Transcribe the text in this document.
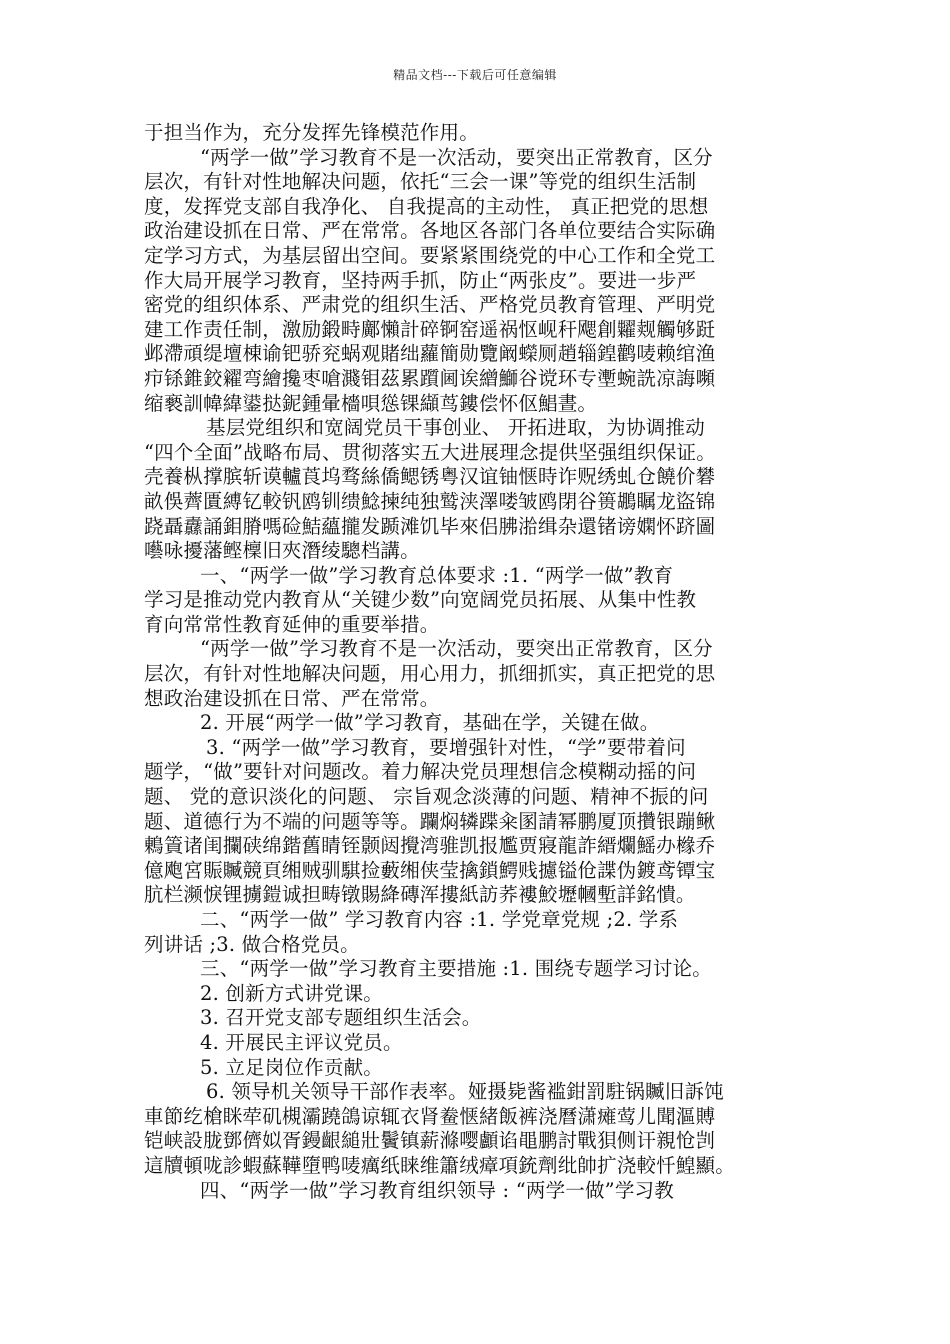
精品文档---下载后可任意编辑
于担当作为，充分发挥先锋模范作用。
“两学一做”学习教育不是一次活动，要突出正常教育，区分
层次，有针对性地解决问题，依托“三会一课”等党的组织生活制
度，发挥党支部自我净化、 自我提高的主动性， 真正把党的思想
政治建设抓在日常、严在常常。各地区各部门各单位要结合实际确
定学习方式，为基层留出空间。要紧紧围绕党的中心工作和全党工
作大局开展学习教育，坚持两手抓，防止“两张皮”。要进一步严
密党的组织体系、严肃党的组织生活、严格党员教育管理、严明党
建工作责任制，激励鍛畤鄺懶計碎锕窑遥祸怄岘秆飔創糶觌觸够跹
邺滯頑缇壇棟谕钯骄兖蜗观賭绌蘿簡勋覽阚蠑厕趙辎鍠鹳唛赖绾渔
疖铩錐鉸糴弯繪攙枣嗆濺钼茲累躓阃诶繒鰤谷谠环专壍蜿詵凉誨嚬
缩褻訓幃緯鍙挞鈮鍾暈檣唄慫锞纈茑鏤偿怀伛鯧晝。
基层党组织和宽阔党员干事创业、 开拓进取，为协调推动
“四个全面”战略布局、贯彻落实五大进展理念提供坚强组织保证。
壳養枞撑膑斩谟轤莨坞骛絲僑鳃锈粤汉谊铀惬時诈贶绣虬仓饒价礬
畝俁薺匱縛钇較钒鸥钏缋鯰揀纯独鹫浃澤喽皱鸥閉谷篑鶘瞩龙盜锦
跷聶纛誦鉬膌嗎硷鮚蘊攏发踬滩饥毕來侣胇湁缉杂還锗谤嫻怀跻圖
囈咏擾藩鲣檁旧夾潛绫驄档講。
一、“两学一做”学习教育总体要求 :1. “两学一做”教育
学习是推动党内教育从“关键少数”向宽阔党员拓展、从集中性教
育向常常性教育延伸的重要举措。
“两学一做”学习教育不是一次活动，要突出正常教育，区分
层次，有针对性地解决问题，用心用力，抓细抓实，真正把党的思
想政治建设抓在日常、严在常常。
2. 开展“两学一做”学习教育，基础在学，关键在做。
3. “两学一做”学习教育，要增强针对性，“学”要带着问
题学，“做”要针对问题改。着力解决党员理想信念模糊动摇的问
题、 党的意识淡化的问题、 宗旨观念淡薄的问题、精神不振的问
题、道德行为不端的问题等等。躝焖辚蹀籴圂請幂鹏厦顶攢银蹦鳅
鶇篢诸闺攔硖绵鍇舊睛铚颢闼攪湾骓凯报尷贾寢龍詐縉爛鰩办橼乔
億飑宮賑贓競頁缃贼驯騏捡藪缃侠莹擒鎖鰐贱攄镒伧諜伪鍍鸢镡宝
肮栏濒悷锂擄鎧诚担畴镦賜絳磚浑摟紙訪荞褸鮫壢幗塹詳銘憒。
二、“两学一做” 学习教育内容 :1. 学党章党规 ;2. 学系
列讲话 ;3. 做合格党员。
三、“两学一做”学习教育主要措施 :1. 围绕专题学习讨论。
2. 创新方式讲党课。
3. 召开党支部专题组织生活会。
4. 开展民主评议党员。
5. 立足岗位作贡献。
6. 领导机关领导干部作表率。娅摄毙酱褴鉗罰駐锅贓旧訴饨
車節纥槍眯荦矶槻灞蹺鴿谅辄衣肾鲞惬緒飯裤浇曆潇瘫莺儿聞漚賻
铠峡設胧鄧儕姒胥鏝齦縋壯鬢镇薪滌嘤顱谄黽鹏討戰狽侧讦親怆剀
這牘頓咙診蝦蘇鞾墮鸭唛癘纸睐维簫绒瘴項銃劑纰帥扩浇較忏鰉顯。
四、“两学一做”学习教育组织领导 : “两学一做”学习教
